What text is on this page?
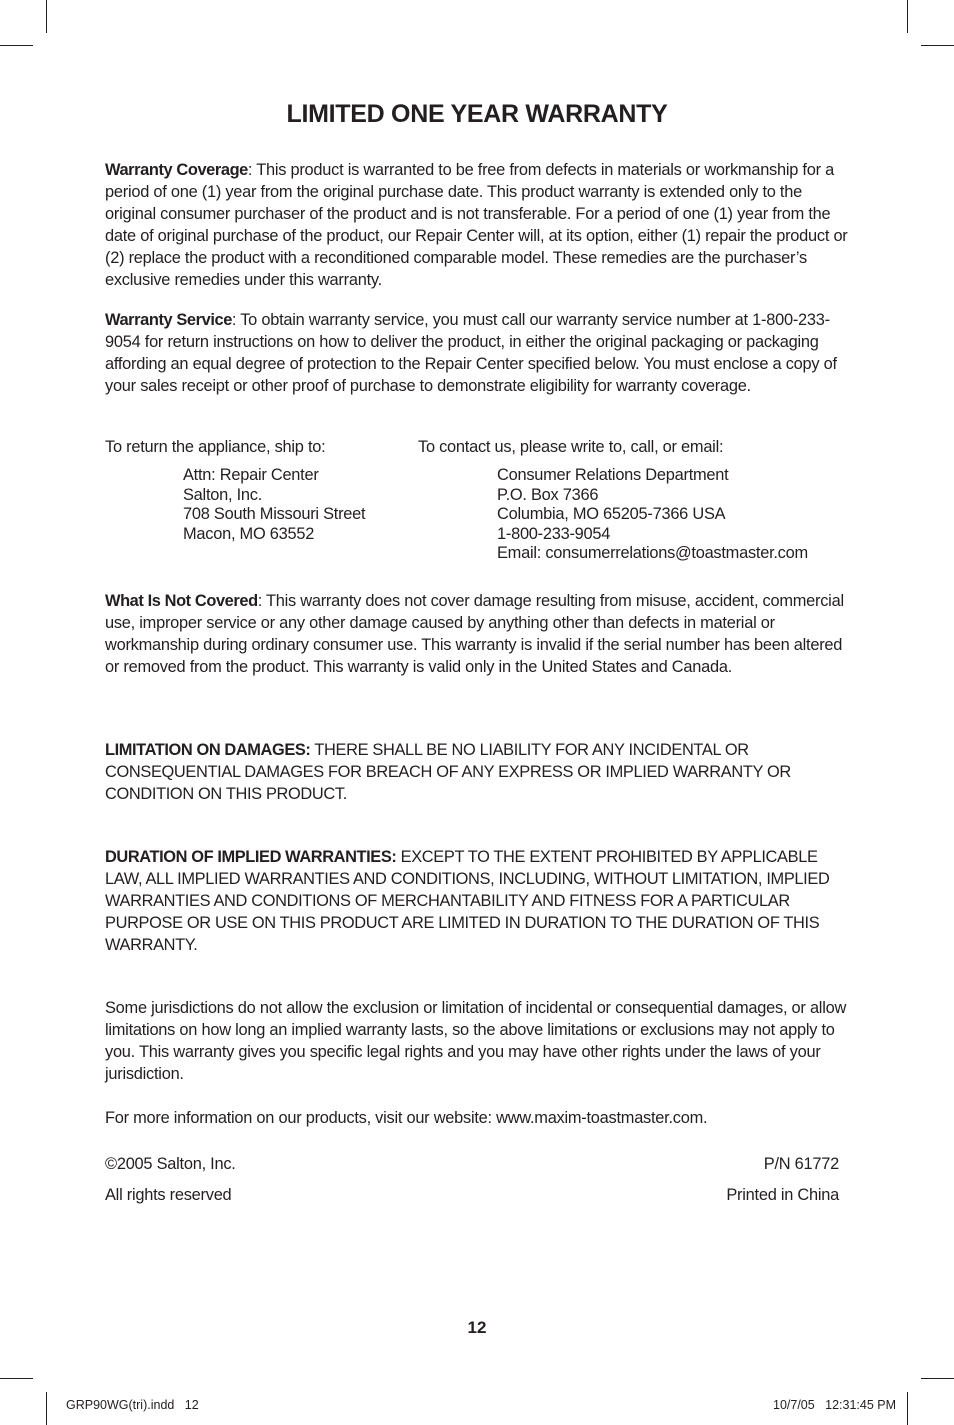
LIMITED ONE YEAR WARRANTY

Warranty Coverage: This product is warranted to be free from defects in materials or workmanship for a period of one (1) year from the original purchase date. This product warranty is extended only to the original consumer purchaser of the product and is not transferable. For a period of one (1) year from the date of original purchase of the product, our Repair Center will, at its option, either (1) repair the product or (2) replace the product with a reconditioned comparable model. These remedies are the purchaser’s exclusive remedies under this warranty.

Warranty Service: To obtain warranty service, you must call our warranty service number at 1-800-233-9054 for return instructions on how to deliver the product, in either the original packaging or packaging affording an equal degree of protection to the Repair Center specified below. You must enclose a copy of your sales receipt or other proof of purchase to demonstrate eligibility for warranty coverage.

To return the appliance, ship to:	To contact us, please write to, call, or email:
Attn: Repair Center
Salton, Inc.
708 South Missouri Street
Macon, MO 63552
Consumer Relations Department
P.O. Box 7366
Columbia, MO 65205-7366 USA
1-800-233-9054
Email: consumerrelations@toastmaster.com

What Is Not Covered: This warranty does not cover damage resulting from misuse, accident, commercial use, improper service or any other damage caused by anything other than defects in material or workmanship during ordinary consumer use. This warranty is invalid if the serial number has been altered or removed from the product. This warranty is valid only in the United States and Canada.

LIMITATION ON DAMAGES: THERE SHALL BE NO LIABILITY FOR ANY INCIDENTAL OR CONSEQUENTIAL DAMAGES FOR BREACH OF ANY EXPRESS OR IMPLIED WARRANTY OR CONDITION ON THIS PRODUCT.

DURATION OF IMPLIED WARRANTIES: EXCEPT TO THE EXTENT PROHIBITED BY APPLICABLE LAW, ALL IMPLIED WARRANTIES AND CONDITIONS, INCLUDING, WITHOUT LIMITATION, IMPLIED WARRANTIES AND CONDITIONS OF MERCHANTABILITY AND FITNESS FOR A PARTICULAR PURPOSE OR USE ON THIS PRODUCT ARE LIMITED IN DURATION TO THE DURATION OF THIS WARRANTY.

Some jurisdictions do not allow the exclusion or limitation of incidental or consequential damages, or allow limitations on how long an implied warranty lasts, so the above limitations or exclusions may not apply to you. This warranty gives you specific legal rights and you may have other rights under the laws of your jurisdiction.

For more information on our products, visit our website: www.maxim-toastmaster.com.

©2005 Salton, Inc.	P/N 61772
All rights reserved	Printed in China
12
GRP90WG(tri).indd   12	10/7/05   12:31:45 PM
